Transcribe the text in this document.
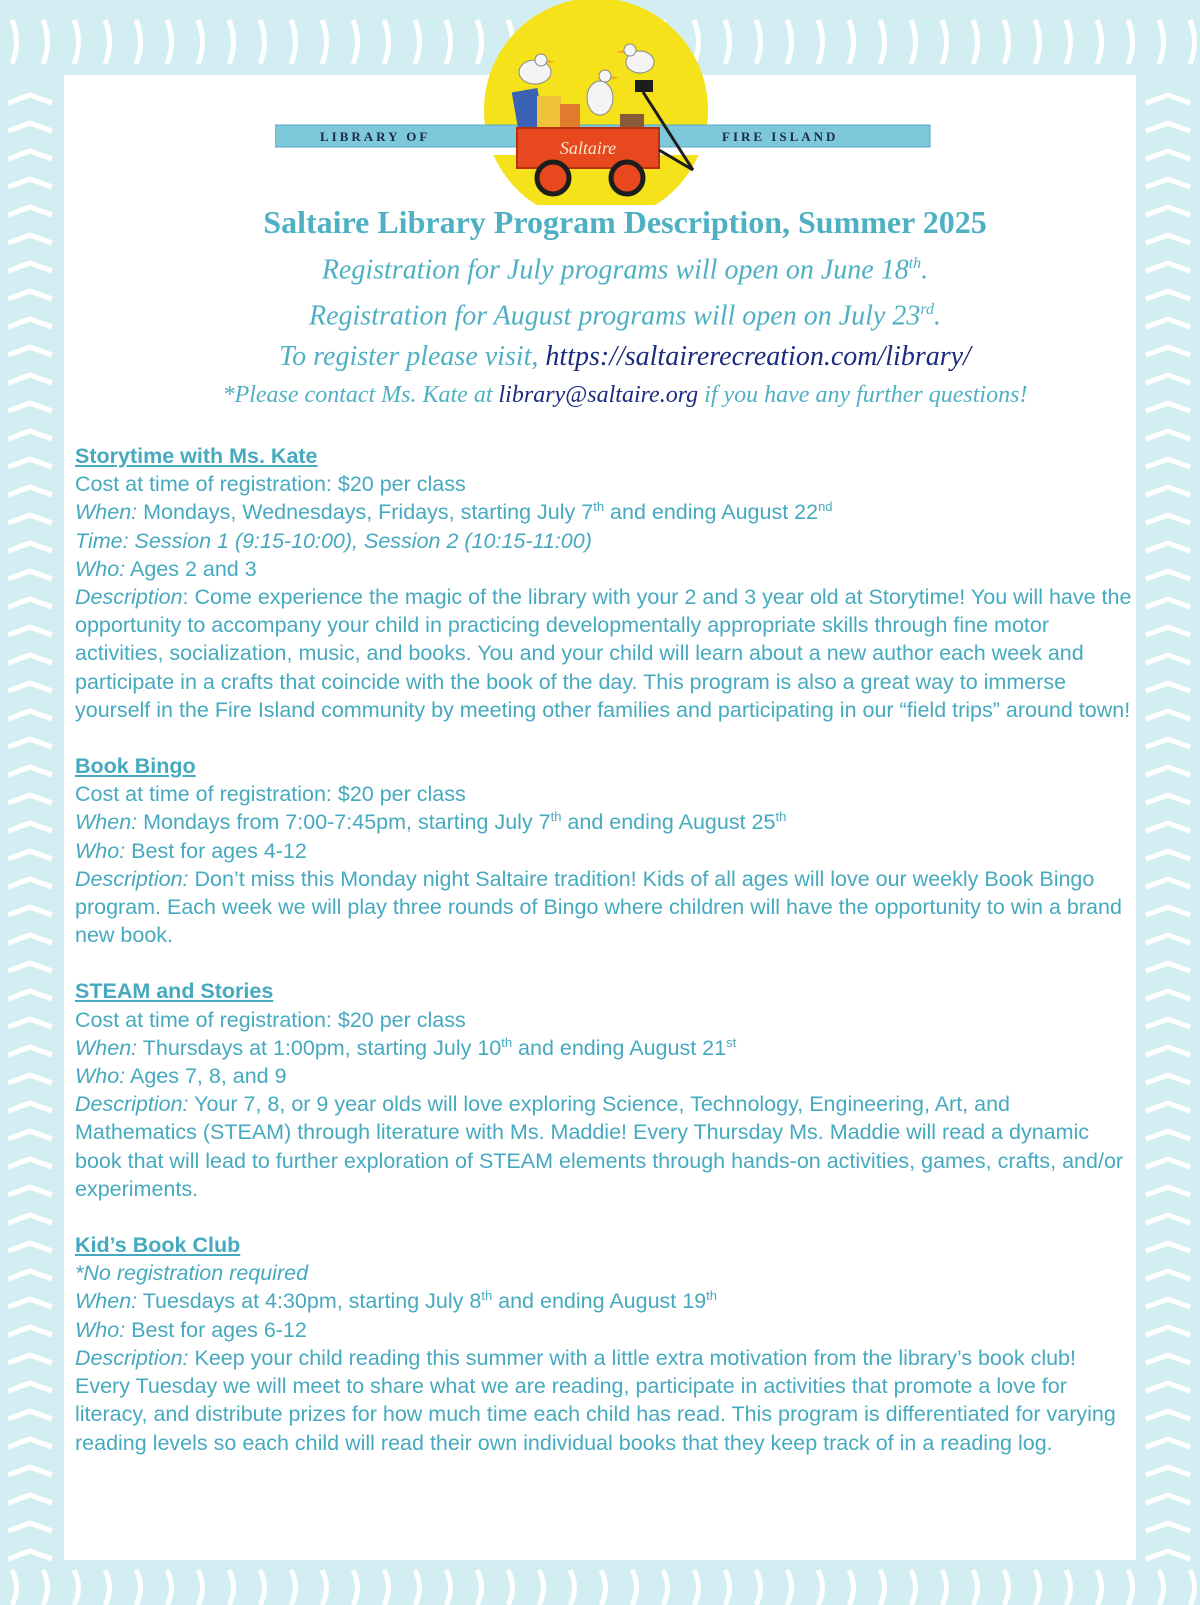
LIBRARY OF	FIRE ISLAND
Saltaire
Saltaire Library Program Description, Summer 2025
Registration for July programs will open on June 18th.
Registration for August programs will open on July 23rd.
To register please visit, https://saltairerecreation.com/library/
*Please contact Ms. Kate at library@saltaire.org if you have any further questions!
Storytime with Ms. Kate
Cost at time of registration: $20 per class
When: Mondays, Wednesdays, Fridays, starting July 7th and ending August 22nd
Time: Session 1 (9:15-10:00), Session 2 (10:15-11:00)
Who: Ages 2 and 3
Description: Come experience the magic of the library with your 2 and 3 year old at Storytime! You will have the opportunity to accompany your child in practicing developmentally appropriate skills through fine motor activities, socialization, music, and books. You and your child will learn about a new author each week and participate in a crafts that coincide with the book of the day. This program is also a great way to immerse yourself in the Fire Island community by meeting other families and participating in our “field trips” around town!
Book Bingo
Cost at time of registration: $20 per class
When: Mondays from 7:00-7:45pm, starting July 7th and ending August 25th
Who: Best for ages 4-12
Description: Don’t miss this Monday night Saltaire tradition! Kids of all ages will love our weekly Book Bingo program. Each week we will play three rounds of Bingo where children will have the opportunity to win a brand new book.
STEAM and Stories
Cost at time of registration: $20 per class
When: Thursdays at 1:00pm, starting July 10th and ending August 21st
Who: Ages 7, 8, and 9
Description: Your 7, 8, or 9 year olds will love exploring Science, Technology, Engineering, Art, and Mathematics (STEAM) through literature with Ms. Maddie! Every Thursday Ms. Maddie will read a dynamic book that will lead to further exploration of STEAM elements through hands-on activities, games, crafts, and/or experiments.
Kid’s Book Club
*No registration required
When: Tuesdays at 4:30pm, starting July 8th and ending August 19th
Who: Best for ages 6-12
Description: Keep your child reading this summer with a little extra motivation from the library’s book club! Every Tuesday we will meet to share what we are reading, participate in activities that promote a love for literacy, and distribute prizes for how much time each child has read. This program is differentiated for varying reading levels so each child will read their own individual books that they keep track of in a reading log.
